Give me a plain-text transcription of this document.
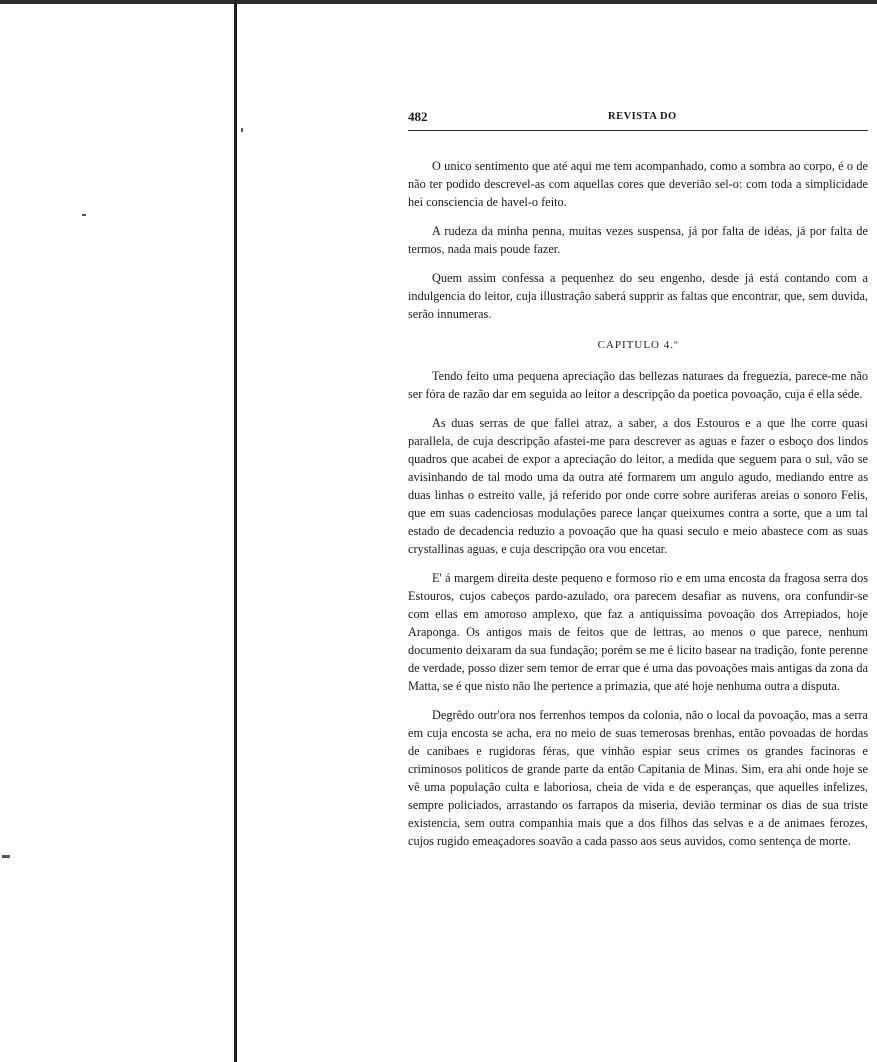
482	REVISTA DO

O unico sentimento que até aqui me tem acompanhado, como a sombra ao corpo, é o de não ter podido descrevel-as com aquellas cores que deverião sel-o: com toda a simplicidade hei consciencia de havel-o feito.

A rudeza da minha penna, muitas vezes suspensa, já por falta de idéas, já por falta de termos, nada mais poude fazer.

Quem assim confessa a pequenhez do seu engenho, desde já está contando com a indulgencia do leitor, cuja illustração saberá supprir as faltas que encontrar, que, sem duvida, serão innumeras.

CAPITULO 4.º

Tendo feito uma pequena apreciação das bellezas naturaes da freguezia, parece-me não ser fóra de razão dar em seguida ao leitor a descripção da poetica povoação, cuja é ella séde.

As duas serras de que fallei atraz, a saber, a dos Estouros e a que lhe corre quasi parallela, de cuja descripção afastei-me para descrever as aguas e fazer o esboço dos lindos quadros que acabei de expor a apreciação do leitor, a medida que seguem para o sul, vão se avisinhando de tal modo uma da outra até formarem um angulo agudo, mediando entre as duas linhas o estreito valle, já referido por onde corre sobre auriferas areias o sonoro Felis, que em suas cadenciosas modulações parece lançar queixumes contra a sorte, que a um tal estado de decadencia reduzio a povoação que ha quasi seculo e meio abastece com as suas crystallinas aguas, e cuja descripção ora vou encetar.

E' á margem direita deste pequeno e formoso rio e em uma encosta da fragosa serra dos Estouros, cujos cabeços pardo-azulado, ora parecem desafiar as nuvens, ora confundir-se com ellas em amoroso amplexo, que faz a antiquissima povoação dos Arrepiados, hoje Araponga. Os antigos mais de feitos que de lettras, ao menos o que parece, nenhum documento deixaram da sua fundação; porém se me é licito basear na tradição, fonte perenne de verdade, posso dizer sem temor de errar que é uma das povoações mais antigas da zona da Matta, se é que nisto não lhe pertence a primazia, que até hoje nenhuma outra a disputa.

Degrêdo outr'ora nos ferrenhos tempos da colonia, não o local da povoação, mas a serra em cuja encosta se acha, era no meio de suas temerosas brenhas, então povoadas de hordas de canibaes e rugidoras féras, que vinhão espiar seus crimes os grandes facinoras e criminosos politicos de grande parte da então Capitania de Minas. Sim, era ahi onde hoje se vê uma população culta e laboriosa, cheia de vida e de esperanças, que aquelles infelizes, sempre policiados, arrastando os farrapos da miseria, devião terminar os dias de sua triste existencia, sem outra companhia mais que a dos filhos das selvas e a de animaes ferozes, cujos rugido emeaçadores soavão a cada passo aos seus auvidos, como sentença de morte.
